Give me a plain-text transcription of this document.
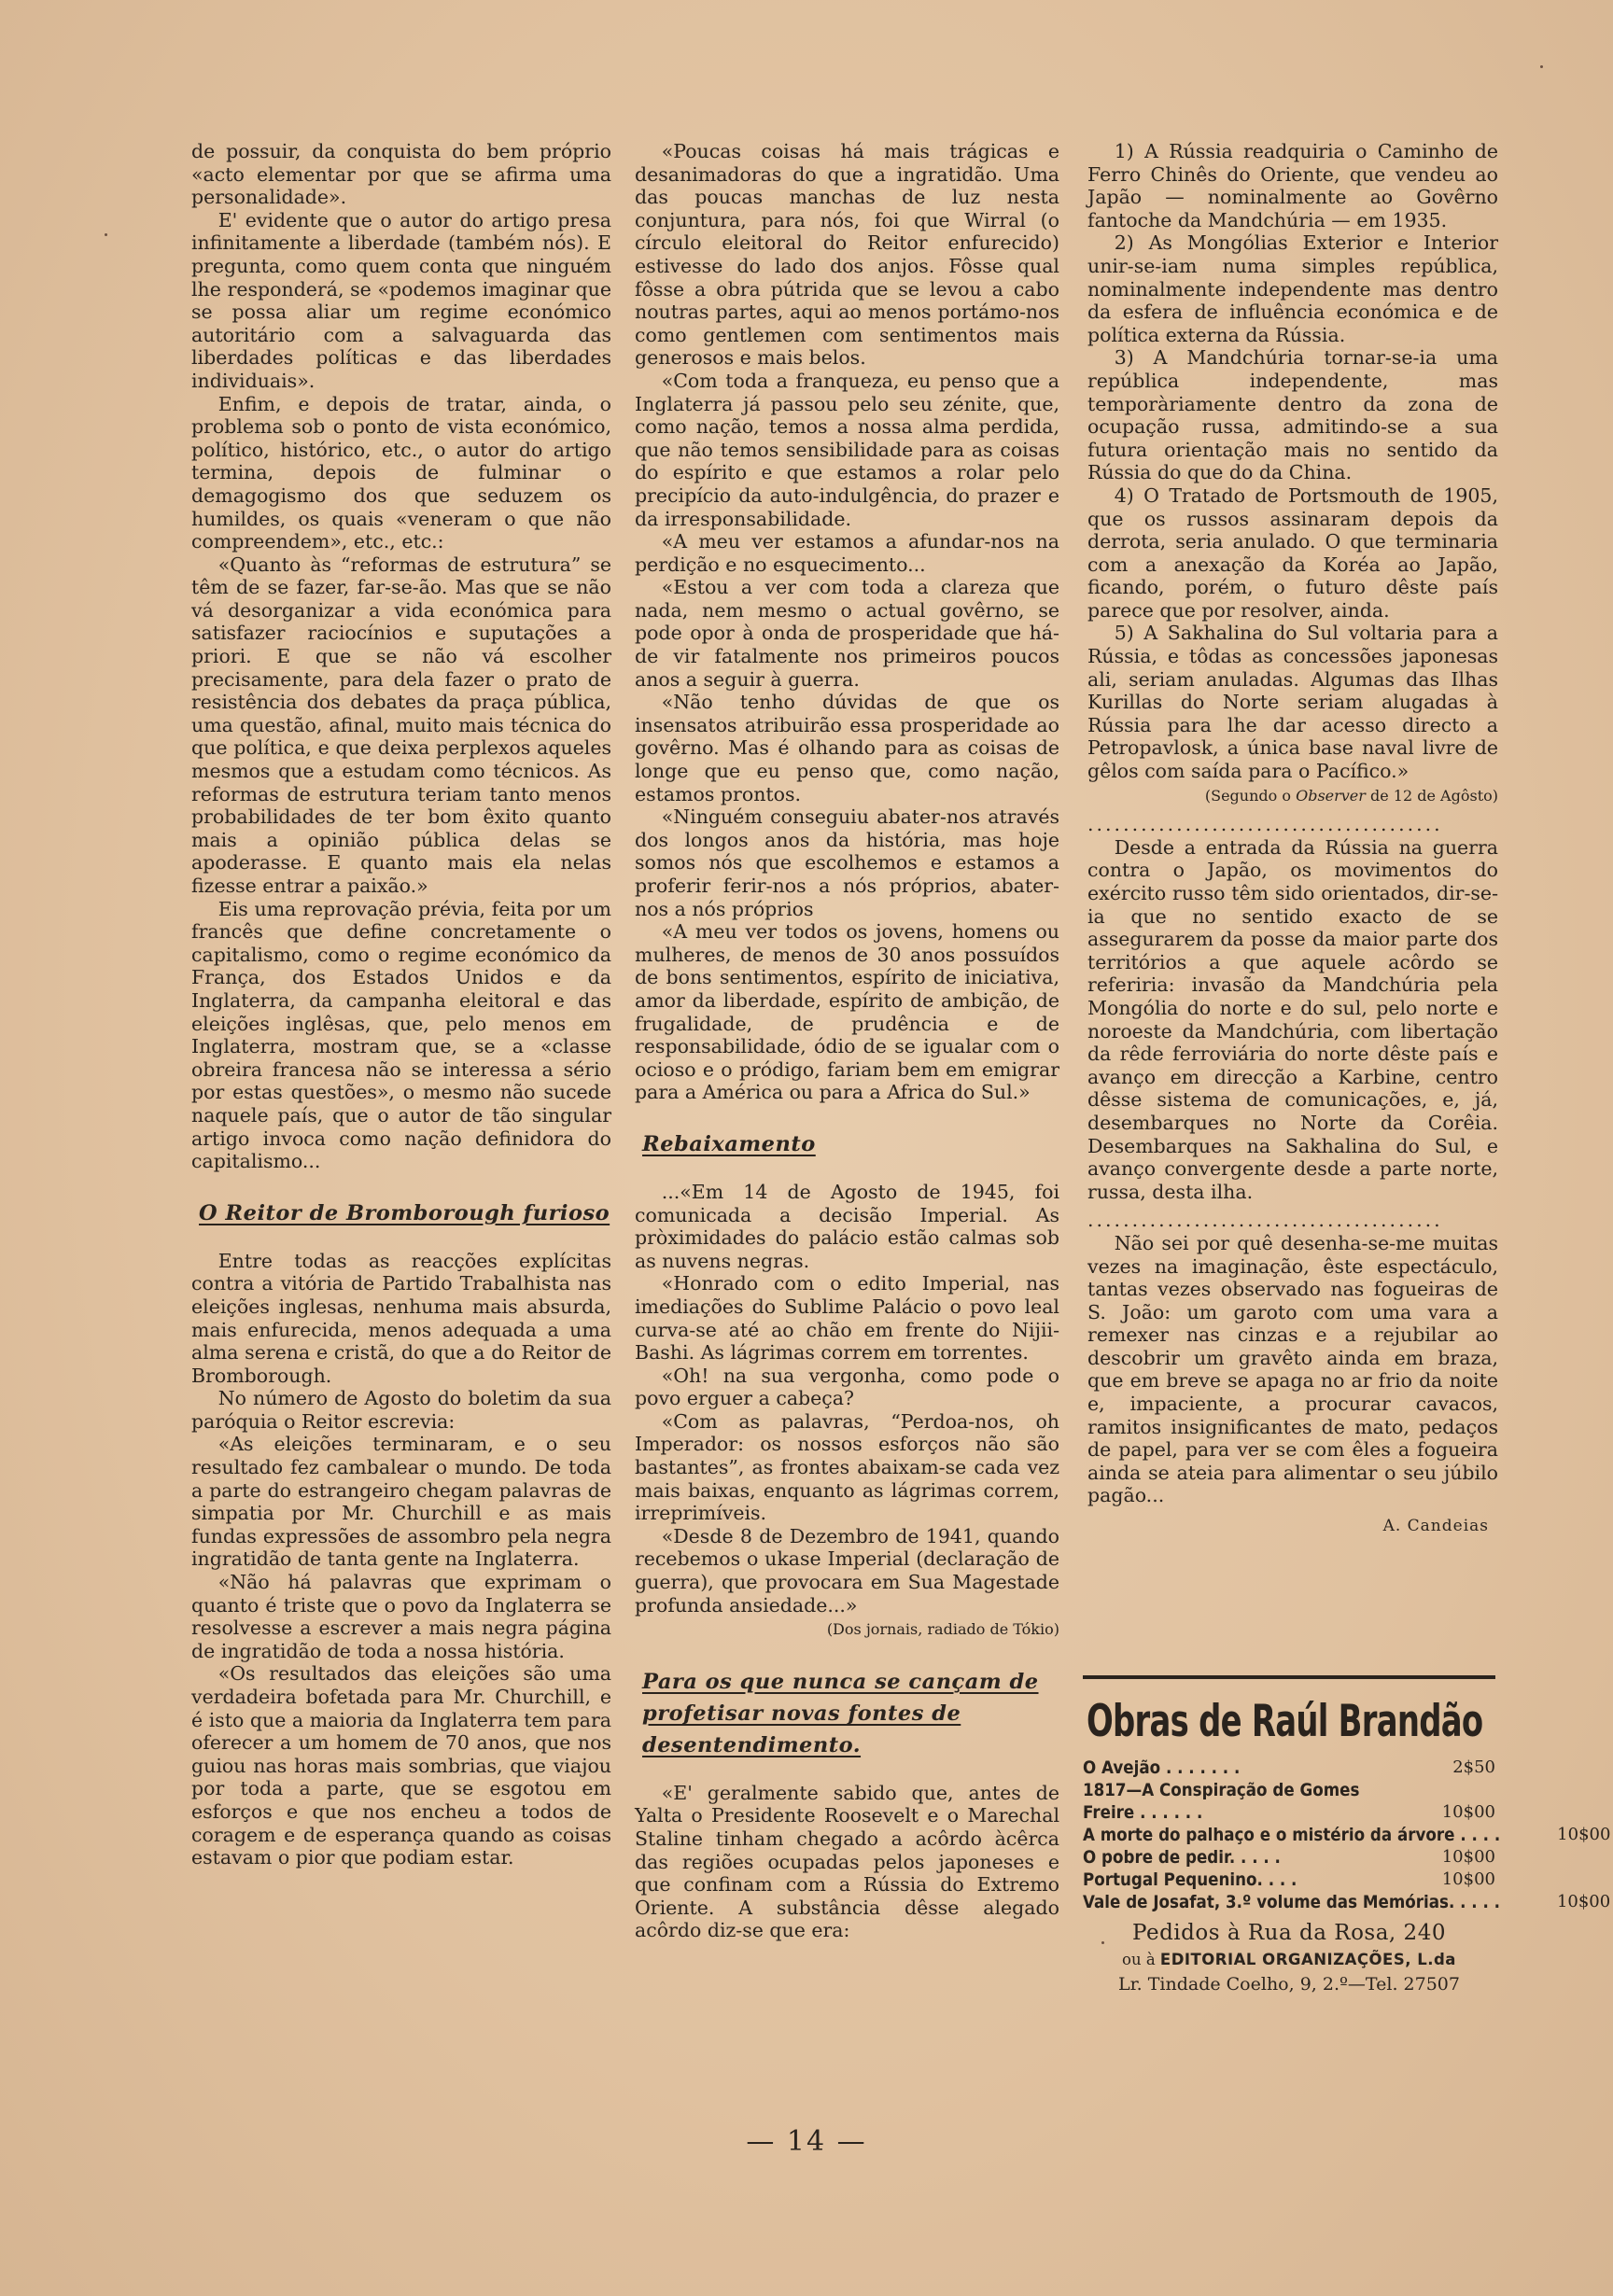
de possuir, da conquista do bem próprio «acto elementar por que se afirma uma personalidade».

E' evidente que o autor do artigo presa infinitamente a liberdade (também nós). E pregunta, como quem conta que ninguém lhe responderá, se «podemos imaginar que se possa aliar um regime económico autoritário com a salvaguarda das liberdades políticas e das liberdades individuais».

Enfim, e depois de tratar, ainda, o problema sob o ponto de vista económico, político, histórico, etc., o autor do artigo termina, depois de fulminar o demagogismo dos que seduzem os humildes, os quais «veneram o que não compreendem», etc., etc.:

«Quanto às “reformas de estrutura” se têm de se fazer, far-se-ão. Mas que se não vá desorganizar a vida económica para satisfazer raciocínios e suputações a priori. E que se não vá escolher precisamente, para dela fazer o prato de resistência dos debates da praça pública, uma questão, afinal, muito mais técnica do que política, e que deixa perplexos aqueles mesmos que a estudam como técnicos. As reformas de estrutura teriam tanto menos probabilidades de ter bom êxito quanto mais a opinião pública delas se apoderasse. E quanto mais ela nelas fizesse entrar a paixão.»

Eis uma reprovação prévia, feita por um francês que define concretamente o capitalismo, como o regime económico da França, dos Estados Unidos e da Inglaterra, da campanha eleitoral e das eleições inglêsas, que, pelo menos em Inglaterra, mostram que, se a «classe obreira francesa não se interessa a sério por estas questões», o mesmo não sucede naquele país, que o autor de tão singular artigo invoca como nação definidora do capitalismo...

O Reitor de Bromborough furioso

Entre todas as reacções explícitas contra a vitória de Partido Trabalhista nas eleições inglesas, nenhuma mais absurda, mais enfurecida, menos adequada a uma alma serena e cristã, do que a do Reitor de Bromborough.

No número de Agosto do boletim da sua paróquia o Reitor escrevia:

«As eleições terminaram, e o seu resultado fez cambalear o mundo. De toda a parte do estrangeiro chegam palavras de simpatia por Mr. Churchill e as mais fundas expressões de assombro pela negra ingratidão de tanta gente na Inglaterra.

«Não há palavras que exprimam o quanto é triste que o povo da Inglaterra se resolvesse a escrever a mais negra página de ingratidão de toda a nossa história.

«Os resultados das eleições são uma verdadeira bofetada para Mr. Churchill, e é isto que a maioria da Inglaterra tem para oferecer a um homem de 70 anos, que nos guiou nas horas mais sombrias, que viajou por toda a parte, que se esgotou em esforços e que nos encheu a todos de coragem e de esperança quando as coisas estavam o pior que podiam estar.

«Poucas coisas há mais trágicas e desanimadoras do que a ingratidão. Uma das poucas manchas de luz nesta conjuntura, para nós, foi que Wirral (o círculo eleitoral do Reitor enfurecido) estivesse do lado dos anjos. Fôsse qual fôsse a obra pútrida que se levou a cabo noutras partes, aqui ao menos portámo-nos como gentlemen com sentimentos mais generosos e mais belos.

«Com toda a franqueza, eu penso que a Inglaterra já passou pelo seu zénite, que, como nação, temos a nossa alma perdida, que não temos sensibilidade para as coisas do espírito e que estamos a rolar pelo precipício da auto-indulgência, do prazer e da irresponsabilidade.

«A meu ver estamos a afundar-nos na perdição e no esquecimento...

«Estou a ver com toda a clareza que nada, nem mesmo o actual govêrno, se pode opor à onda de prosperidade que há-de vir fatalmente nos primeiros poucos anos a seguir à guerra.

«Não tenho dúvidas de que os insensatos atribuirão essa prosperidade ao govêrno. Mas é olhando para as coisas de longe que eu penso que, como nação, estamos prontos.

«Ninguém conseguiu abater-nos através dos longos anos da história, mas hoje somos nós que escolhemos e estamos a proferir ferir-nos a nós próprios, abater-nos a nós próprios

«A meu ver todos os jovens, homens ou mulheres, de menos de 30 anos possuídos de bons sentimentos, espírito de iniciativa, amor da liberdade, espírito de ambição, de frugalidade, de prudência e de responsabilidade, ódio de se igualar com o ocioso e o pródigo, fariam bem em emigrar para a América ou para a Africa do Sul.»

Rebaixamento

...«Em 14 de Agosto de 1945, foi comunicada a decisão Imperial. As pròximidades do palácio estão calmas sob as nuvens negras.

«Honrado com o edito Imperial, nas imediações do Sublime Palácio o povo leal curva-se até ao chão em frente do Nijii-Bashi. As lágrimas correm em torrentes.

«Oh! na sua vergonha, como pode o povo erguer a cabeça?

«Com as palavras, “Perdoa-nos, oh Imperador: os nossos esforços não são bastantes”, as frontes abaixam-se cada vez mais baixas, enquanto as lágrimas correm, irreprimíveis.

«Desde 8 de Dezembro de 1941, quando recebemos o ukase Imperial (declaração de guerra), que provocara em Sua Magestade profunda ansiedade...»

(Dos jornais, radiado de Tókio)

Para os que nunca se cançam de profetisar novas fontes de desentendimento.

«E' geralmente sabido que, antes de Yalta o Presidente Roosevelt e o Marechal Staline tinham chegado a acôrdo àcêrca das regiões ocupadas pelos japoneses e que confinam com a Rússia do Extremo Oriente. A substância dêsse alegado acôrdo diz-se que era:

1) A Rússia readquiria o Caminho de Ferro Chinês do Oriente, que vendeu ao Japão — nominalmente ao Govêrno fantoche da Mandchúria — em 1935.

2) As Mongólias Exterior e Interior unir-se-iam numa simples república, nominalmente independente mas dentro da esfera de influência económica e de política externa da Rússia.

3) A Mandchúria tornar-se-ia uma república independente, mas temporàriamente dentro da zona de ocupação russa, admitindo-se a sua futura orientação mais no sentido da Rússia do que do da China.

4) O Tratado de Portsmouth de 1905, que os russos assinaram depois da derrota, seria anulado. O que terminaria com a anexação da Koréa ao Japão, ficando, porém, o futuro dêste país parece que por resolver, ainda.

5) A Sakhalina do Sul voltaria para a Rússia, e tôdas as concessões japonesas ali, seriam anuladas. Algumas das Ilhas Kurillas do Norte seriam alugadas à Rússia para lhe dar acesso directo a Petropavlosk, a única base naval livre de gêlos com saída para o Pacífico.»

(Segundo o Observer de 12 de Agôsto)

........................................

Desde a entrada da Rússia na guerra contra o Japão, os movimentos do exército russo têm sido orientados, dir-se-ia que no sentido exacto de se assegurarem da posse da maior parte dos territórios a que aquele acôrdo se referiria: invasão da Mandchúria pela Mongólia do norte e do sul, pelo norte e noroeste da Mandchúria, com libertação da rêde ferroviária do norte dêste país e avanço em direcção a Karbine, centro dêsse sistema de comunicações, e, já, desembarques no Norte da Corêia. Desembarques na Sakhalina do Sul, e avanço convergente desde a parte norte, russa, desta ilha.

........................................

Não sei por quê desenha-se-me muitas vezes na imaginação, êste espectáculo, tantas vezes observado nas fogueiras de S. João: um garoto com uma vara a remexer nas cinzas e a rejubilar ao descobrir um gravêto ainda em braza, que em breve se apaga no ar frio da noite e, impaciente, a procurar cavacos, ramitos insignificantes de mato, pedaços de papel, para ver se com êles a fogueira ainda se ateia para alimentar o seu júbilo pagão...

A. Candeias

Obras de Raúl Brandão
O Avejão . . . . . . .	2$50
1817—A Conspiração de Gomes
Freire . . . . . .	10$00
A morte do palhaço e o mistério da árvore . . . .	10$00
O pobre de pedir. . . . .	10$00
Portugal Pequenino. . . .	10$00
Vale de Josafat, 3.º volume das Memórias. . . . .	10$00
Pedidos à Rua da Rosa, 240
ou à EDITORIAL ORGANIZAÇÕES, L.da
Lr. Tindade Coelho, 9, 2.º—Tel. 27507
— 14 —
